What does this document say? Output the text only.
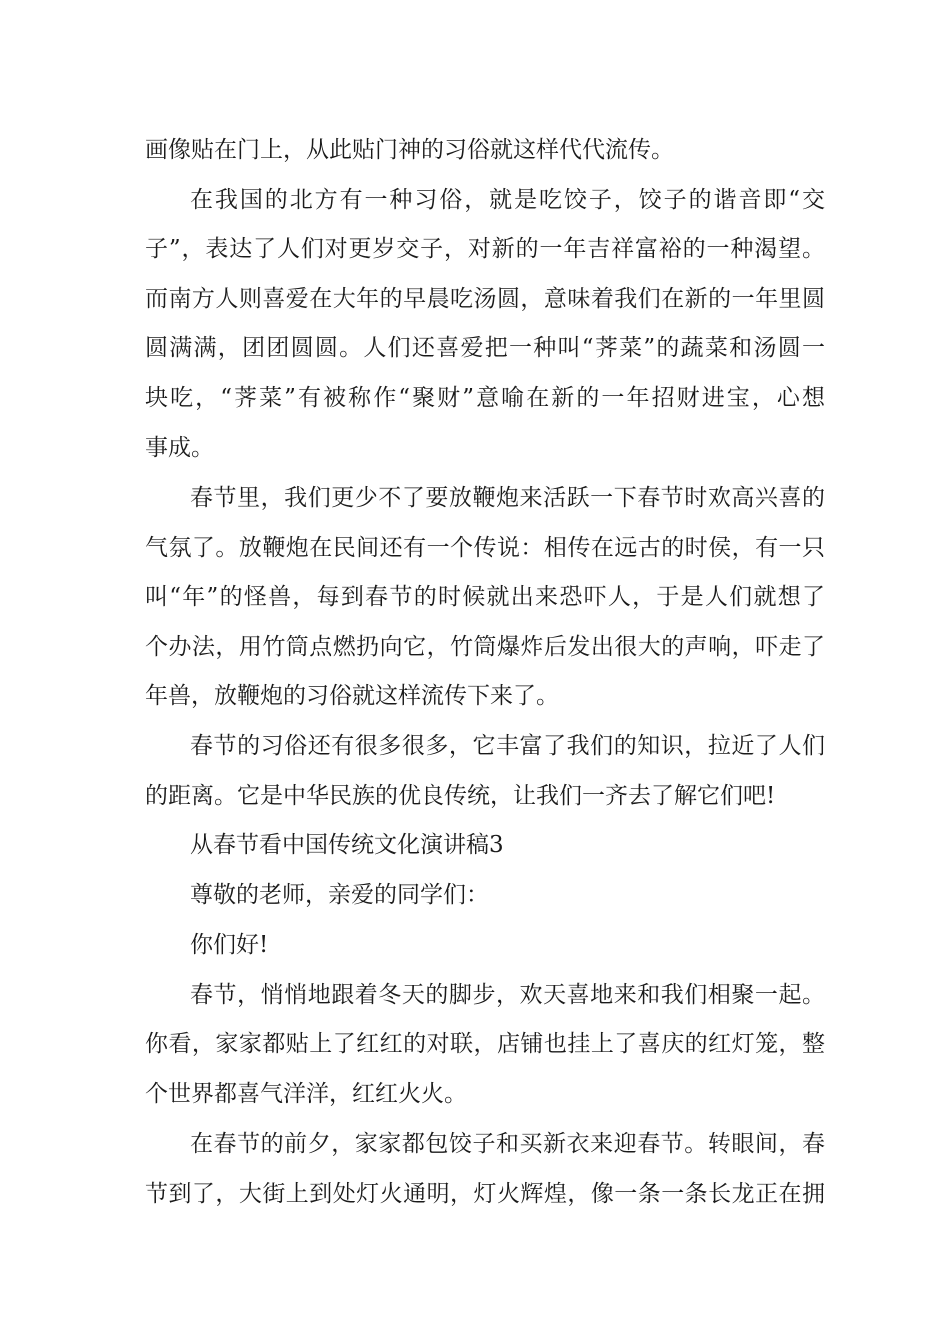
画像贴在门上，从此贴门神的习俗就这样代代流传。
在我国的北方有一种习俗，就是吃饺子，饺子的谐音即“交
子”，表达了人们对更岁交子，对新的一年吉祥富裕的一种渴望。
而南方人则喜爱在大年的早晨吃汤圆，意味着我们在新的一年里圆
圆满满，团团圆圆。人们还喜爱把一种叫“荠菜”的蔬菜和汤圆一
块吃，“荠菜”有被称作“聚财”意喻在新的一年招财进宝，心想
事成。
春节里，我们更少不了要放鞭炮来活跃一下春节时欢高兴喜的
气氛了。放鞭炮在民间还有一个传说：相传在远古的时侯，有一只
叫“年”的怪兽，每到春节的时候就出来恐吓人，于是人们就想了
个办法，用竹筒点燃扔向它，竹筒爆炸后发出很大的声响，吓走了
年兽，放鞭炮的习俗就这样流传下来了。
春节的习俗还有很多很多，它丰富了我们的知识，拉近了人们
的距离。它是中华民族的优良传统，让我们一齐去了解它们吧!
从春节看中国传统文化演讲稿3
尊敬的老师，亲爱的同学们：
你们好!
春节，悄悄地跟着冬天的脚步，欢天喜地来和我们相聚一起。
你看，家家都贴上了红红的对联，店铺也挂上了喜庆的红灯笼，整
个世界都喜气洋洋，红红火火。
在春节的前夕，家家都包饺子和买新衣来迎春节。转眼间，春
节到了，大街上到处灯火通明，灯火辉煌，像一条一条长龙正在拥
